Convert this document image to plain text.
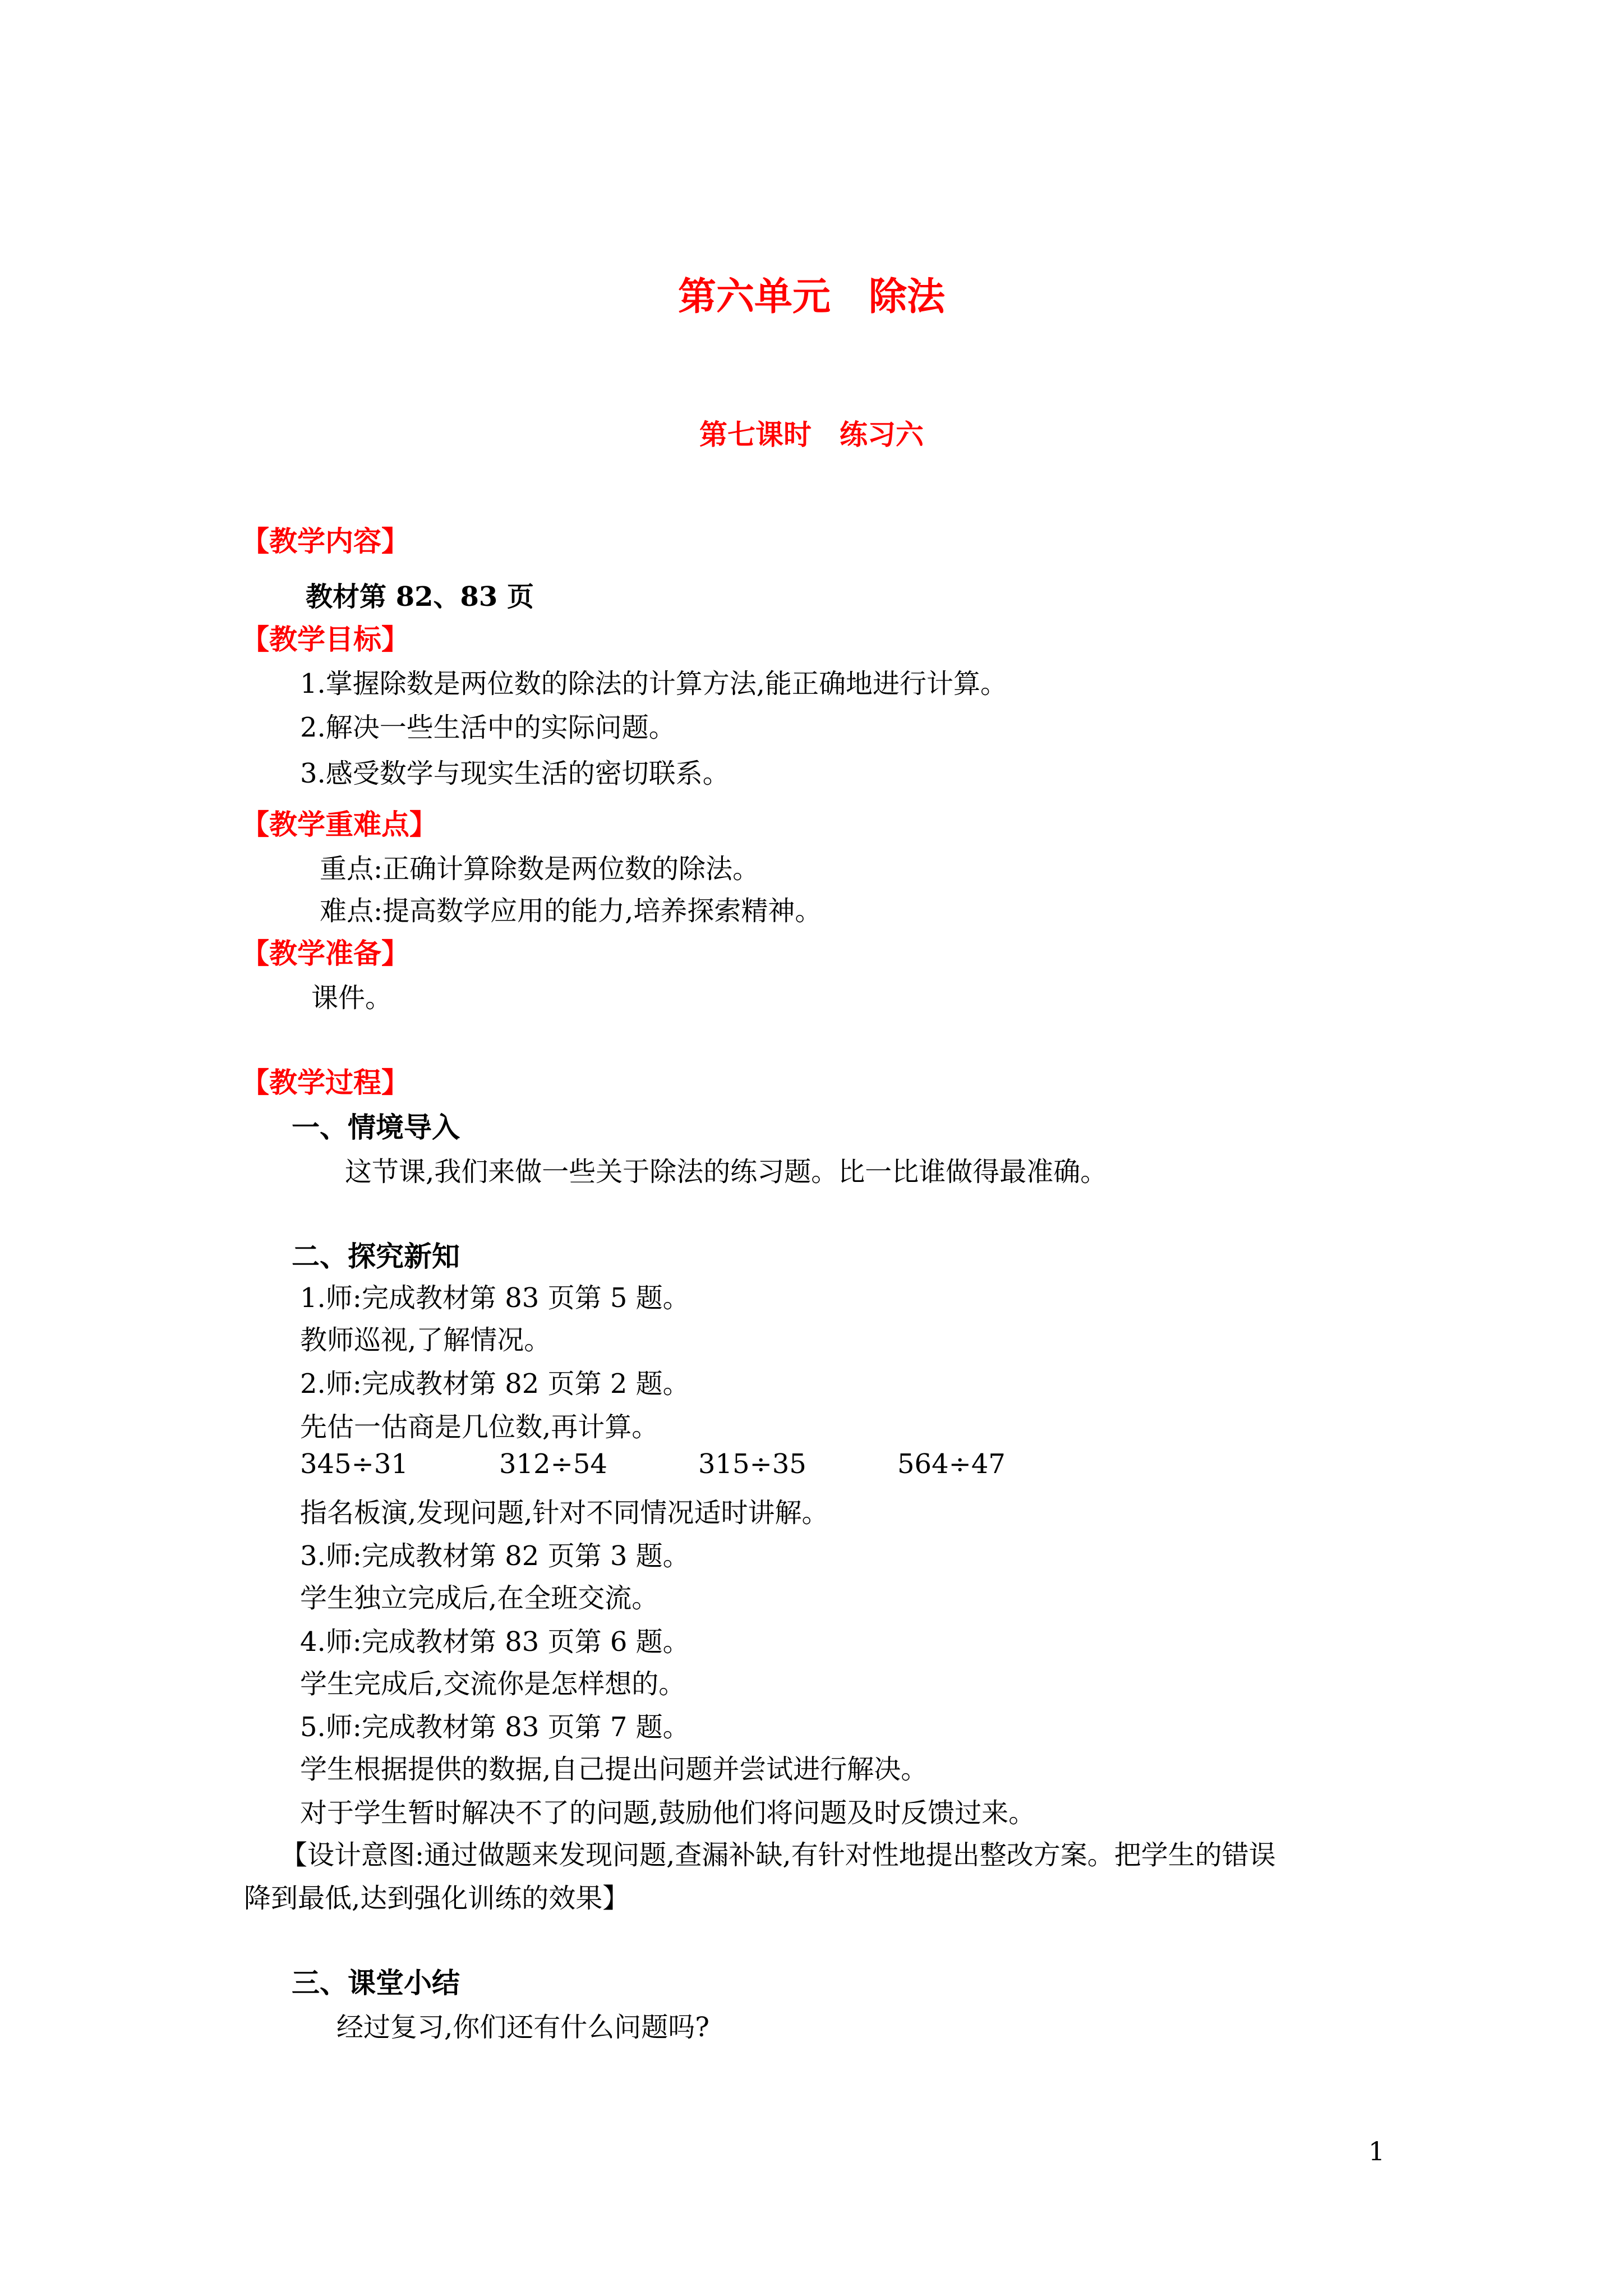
第六单元　除法
第七课时　练习六
【教学内容】
教材第 82、83 页
【教学目标】
1.掌握除数是两位数的除法的计算方法,能正确地进行计算。
2.解决一些生活中的实际问题。
3.感受数学与现实生活的密切联系。
【教学重难点】
重点:正确计算除数是两位数的除法。
难点:提高数学应用的能力,培养探索精神。
【教学准备】
课件。
【教学过程】
一、情境导入
这节课,我们来做一些关于除法的练习题。比一比谁做得最准确。
二、探究新知
1.师:完成教材第 83 页第 5 题。
教师巡视,了解情况。
2.师:完成教材第 82 页第 2 题。
先估一估商是几位数,再计算。
345÷31	312÷54	315÷35	564÷47
指名板演,发现问题,针对不同情况适时讲解。
3.师:完成教材第 82 页第 3 题。
学生独立完成后,在全班交流。
4.师:完成教材第 83 页第 6 题。
学生完成后,交流你是怎样想的。
5.师:完成教材第 83 页第 7 题。
学生根据提供的数据,自己提出问题并尝试进行解决。
对于学生暂时解决不了的问题,鼓励他们将问题及时反馈过来。
【设计意图:通过做题来发现问题,查漏补缺,有针对性地提出整改方案。把学生的错误
降到最低,达到强化训练的效果】
三、课堂小结
经过复习,你们还有什么问题吗?
1
